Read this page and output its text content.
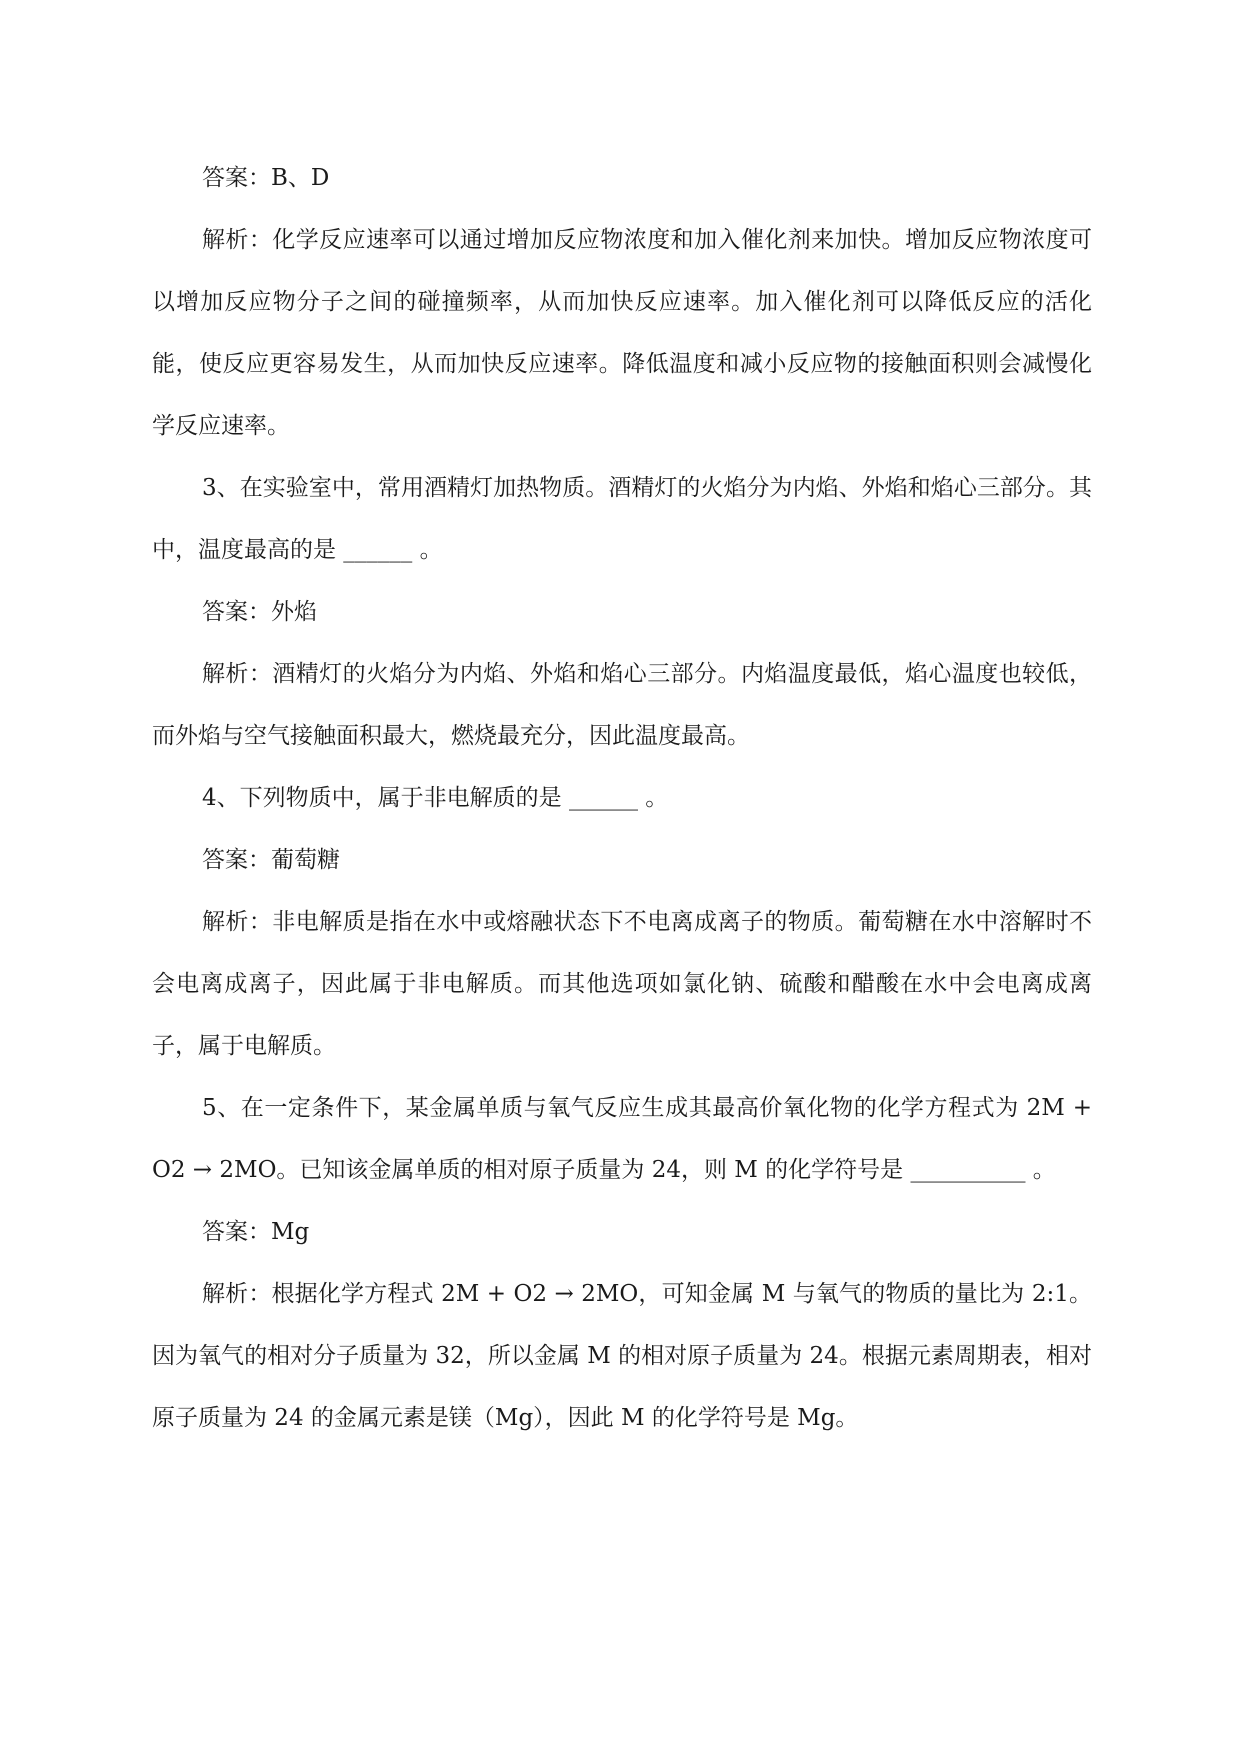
答案：B、D

解析：化学反应速率可以通过增加反应物浓度和加入催化剂来加快。增加反应物浓度可以增加反应物分子之间的碰撞频率，从而加快反应速率。加入催化剂可以降低反应的活化能，使反应更容易发生，从而加快反应速率。降低温度和减小反应物的接触面积则会减慢化学反应速率。

3、在实验室中，常用酒精灯加热物质。酒精灯的火焰分为内焰、外焰和焰心三部分。其中，温度最高的是 ______ 。

答案：外焰

解析：酒精灯的火焰分为内焰、外焰和焰心三部分。内焰温度最低，焰心温度也较低，而外焰与空气接触面积最大，燃烧最充分，因此温度最高。

4、下列物质中，属于非电解质的是 ______ 。

答案：葡萄糖

解析：非电解质是指在水中或熔融状态下不电离成离子的物质。葡萄糖在水中溶解时不会电离成离子，因此属于非电解质。而其他选项如氯化钠、硫酸和醋酸在水中会电离成离子，属于电解质。

5、在一定条件下，某金属单质与氧气反应生成其最高价氧化物的化学方程式为 2M + O2 → 2MO。已知该金属单质的相对原子质量为 24，则 M 的化学符号是 __________ 。

答案：Mg

解析：根据化学方程式 2M + O2 → 2MO，可知金属 M 与氧气的物质的量比为 2:1。因为氧气的相对分子质量为 32，所以金属 M 的相对原子质量为 24。根据元素周期表，相对原子质量为 24 的金属元素是镁（Mg），因此 M 的化学符号是 Mg。
